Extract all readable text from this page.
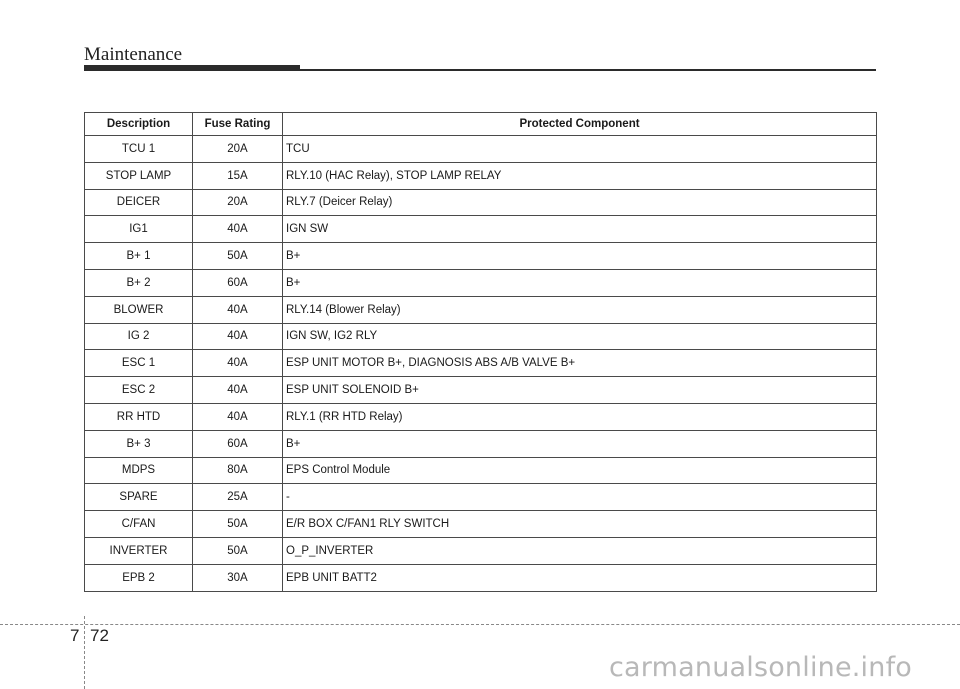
Maintenance
Description	Fuse Rating	Protected Component
TCU 1	20A	TCU
STOP LAMP	15A	RLY.10 (HAC Relay), STOP LAMP RELAY
DEICER	20A	RLY.7 (Deicer Relay)
IG1	40A	IGN SW
B+ 1	50A	B+
B+ 2	60A	B+
BLOWER	40A	RLY.14 (Blower Relay)
IG 2	40A	IGN SW, IG2 RLY
ESC 1	40A	ESP UNIT MOTOR B+, DIAGNOSIS ABS A/B VALVE B+
ESC 2	40A	ESP UNIT SOLENOID B+
RR HTD	40A	RLY.1 (RR HTD Relay)
B+ 3	60A	B+
MDPS	80A	EPS Control Module
SPARE	25A	-
C/FAN	50A	E/R BOX C/FAN1 RLY SWITCH
INVERTER	50A	O_P_INVERTER
EPB 2	30A	EPB UNIT BATT2
7 72
carmanualsonline.info
